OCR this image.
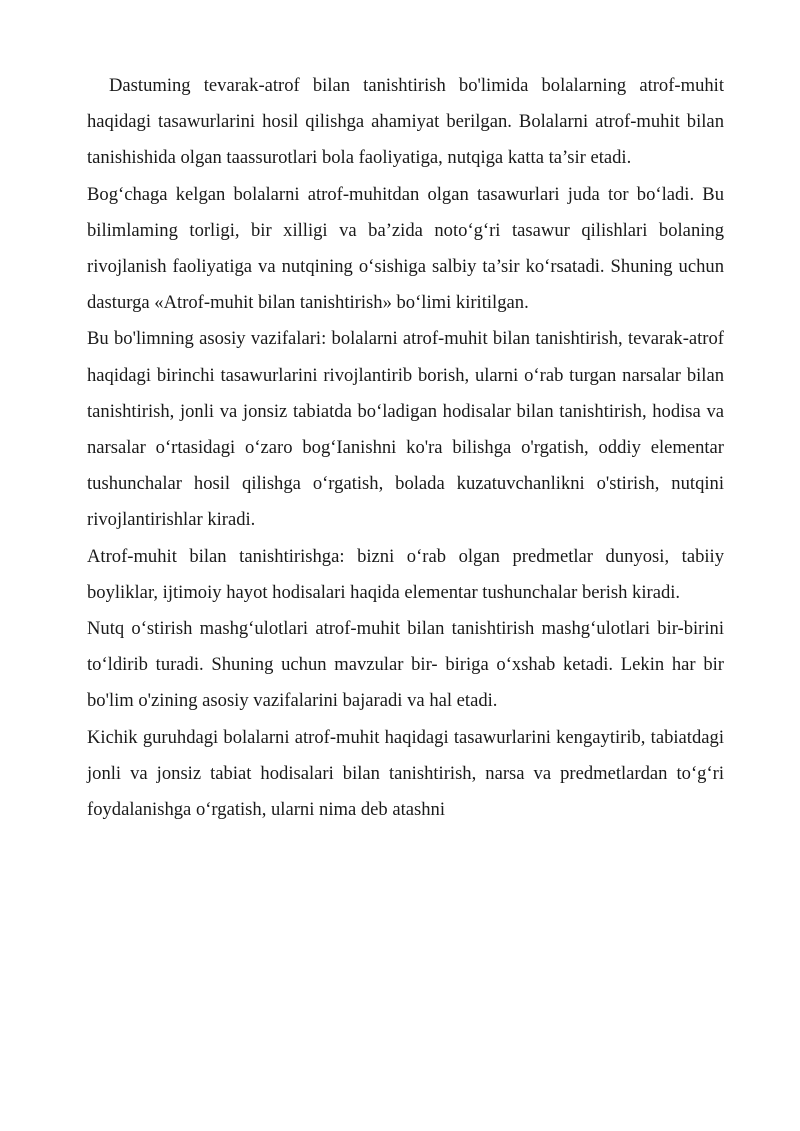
Dastuming tevarak-atrof bilan tanishtirish bo'limida bolalarning atrof-muhit haqidagi tasawurlarini hosil qilishga ahamiyat berilgan. Bolalarni atrof-muhit bilan tanishishida olgan taassurotlari bola faoliyatiga, nutqiga katta ta’sir etadi.

Bog‘chaga kelgan bolalarni atrof-muhitdan olgan tasawurlari juda tor bo‘ladi. Bu bilimlaming torligi, bir xilligi va ba’zida noto‘g‘ri tasawur qilishlari bolaning rivojlanish faoliyatiga va nutqining o‘sishiga salbiy ta’sir ko‘rsatadi. Shuning uchun dasturga «Atrof-muhit bilan tanishtirish» bo‘limi kiritilgan.

Bu bo'limning asosiy vazifalari: bolalarni atrof-muhit bilan tanishtirish, tevarak-atrof haqidagi birinchi tasawurlarini rivojlantirib borish, ularni o‘rab turgan narsalar bilan tanishtirish, jonli va jonsiz tabiatda bo‘ladigan hodisalar bilan tanishtirish, hodisa va narsalar o‘rtasidagi o‘zaro bog‘Ianishni ko'ra bilishga o'rgatish, oddiy elementar tushunchalar hosil qilishga o‘rgatish, bolada kuzatuvchanlikni o'stirish, nutqini rivojlantirishlar kiradi.

Atrof-muhit bilan tanishtirishga: bizni o‘rab olgan predmetlar dunyosi, tabiiy boyliklar, ijtimoiy hayot hodisalari haqida elementar tushunchalar berish kiradi.

Nutq o‘stirish mashg‘ulotlari atrof-muhit bilan tanishtirish mashg‘ulotlari bir-birini to‘ldirib turadi. Shuning uchun mavzular bir- biriga o‘xshab ketadi. Lekin har bir bo'lim o'zining asosiy vazifalarini bajaradi va hal etadi.

Kichik guruhdagi bolalarni atrof-muhit haqidagi tasawurlarini kengaytirib, tabiatdagi jonli va jonsiz tabiat hodisalari bilan tanishtirish, narsa va predmetlardan to‘g‘ri foydalanishga o‘rgatish, ularni nima deb atashni
